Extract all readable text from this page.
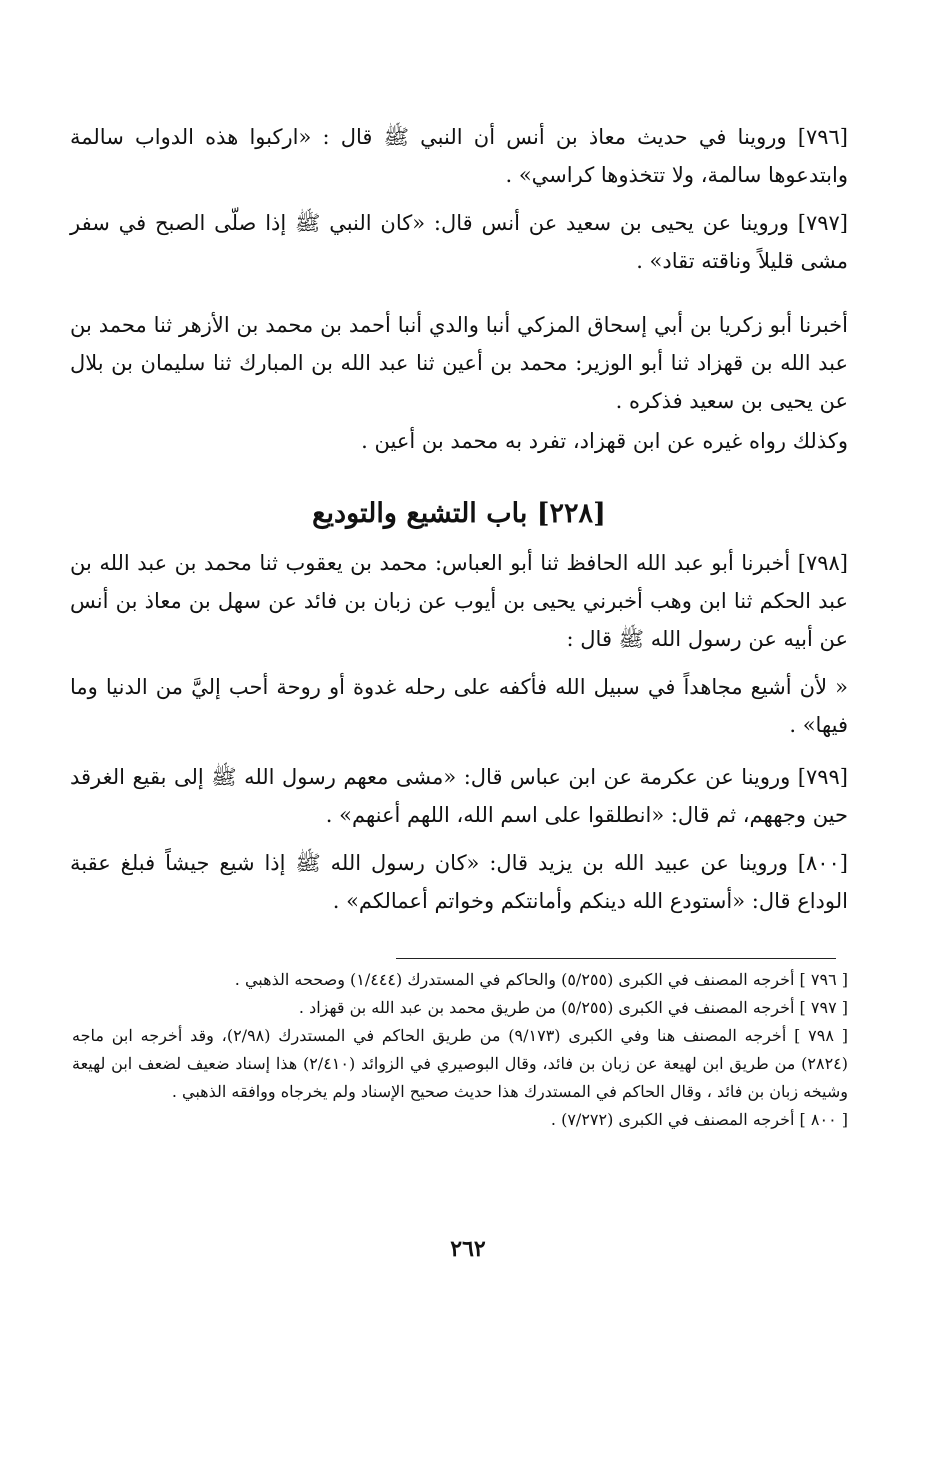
[٧٩٦] وروينا في حديث معاذ بن أنس أن النبي ﷺ قال : «اركبوا هذه الدواب سالمة وابتدعوها سالمة، ولا تتخذوها كراسي» .

[٧٩٧] وروينا عن يحيى بن سعيد عن أنس قال: «كان النبي ﷺ إذا صلّى الصبح في سفر مشى قليلاً وناقته تقاد» .

أخبرنا أبو زكريا بن أبي إسحاق المزكي أنبا والدي أنبا أحمد بن محمد بن الأزهر ثنا محمد بن عبد الله بن قهزاد ثنا أبو الوزير: محمد بن أعين ثنا عبد الله بن المبارك ثنا سليمان بن بلال عن يحيى بن سعيد فذكره .

وكذلك رواه غيره عن ابن قهزاد، تفرد به محمد بن أعين .

[٢٢٨] باب التشيع والتوديع

[٧٩٨] أخبرنا أبو عبد الله الحافظ ثنا أبو العباس: محمد بن يعقوب ثنا محمد بن عبد الله بن عبد الحكم ثنا ابن وهب أخبرني يحيى بن أيوب عن زبان بن فائد عن سهل بن معاذ بن أنس عن أبيه عن رسول الله ﷺ قال :

« لأن أشيع مجاهداً في سبيل الله فأكفه على رحله غدوة أو روحة أحب إليَّ من الدنيا وما فيها» .

[٧٩٩] وروينا عن عكرمة عن ابن عباس قال: «مشى معهم رسول الله ﷺ إلى بقيع الغرقد حين وجههم، ثم قال: «انطلقوا على اسم الله، اللهم أعنهم» .

[٨٠٠] وروينا عن عبيد الله بن يزيد قال: «كان رسول الله ﷺ إذا شيع جيشاً فبلغ عقبة الوداع قال: «أستودع الله دينكم وأمانتكم وخواتم أعمالكم» .

[ ٧٩٦ ] أخرجه المصنف في الكبرى (٥/٢٥٥) والحاكم في المستدرك (١/٤٤٤) وصححه الذهبي .

[ ٧٩٧ ] أخرجه المصنف في الكبرى (٥/٢٥٥) من طريق محمد بن عبد الله بن قهزاد .

[ ٧٩٨ ] أخرجه المصنف هنا وفي الكبرى (٩/١٧٣) من طريق الحاكم في المستدرك (٢/٩٨)، وقد أخرجه ابن ماجه (٢٨٢٤) من طريق ابن لهيعة عن زبان بن فائد، وقال البوصيري في الزوائد (٢/٤١٠) هذا إسناد ضعيف لضعف ابن لهيعة وشيخه زبان بن فائد ، وقال الحاكم في المستدرك هذا حديث صحيح الإسناد ولم يخرجاه ووافقه الذهبي .

[ ٨٠٠ ] أخرجه المصنف في الكبرى (٧/٢٧٢) .

٢٦٢
